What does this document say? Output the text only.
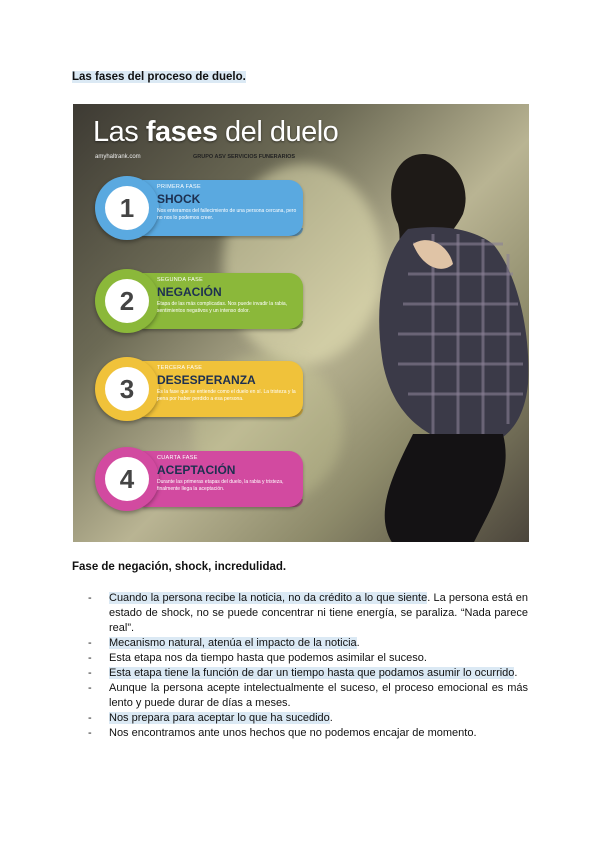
Las fases del proceso de duelo.
Las fases del duelo
amyhaltrank.com	GRUPO ASV SERVICIOS FUNERARIOS
1
PRIMERA FASE
SHOCK
Nos enteramos del fallecimiento de una persona cercana, pero no nos lo podemos creer.
2
SEGUNDA FASE
NEGACIÓN
Etapa de las más complicadas. Nos puede invadir la rabia, sentimientos negativos y un intenso dolor.
3
TERCERA FASE
DESESPERANZA
Es la fase que se entiende como el duelo en sí. La tristeza y la pena por haber perdido a esa persona.
4
CUARTA FASE
ACEPTACIÓN
Durante las primeras etapas del duelo, la rabia y tristeza, finalmente llega la aceptación.
Fase de negación, shock, incredulidad.
- Cuando la persona recibe la noticia, no da crédito a lo que siente. La persona está en estado de shock, no se puede concentrar ni tiene energía, se paraliza. “Nada parece real”.
- Mecanismo natural, atenúa el impacto de la noticia.
- Esta etapa nos da tiempo hasta que podemos asimilar el suceso.
- Esta etapa tiene la función de dar un tiempo hasta que podamos asumir lo ocurrido.
- Aunque la persona acepte intelectualmente el suceso, el proceso emocional es más lento y puede durar de días a meses.
- Nos prepara para aceptar lo que ha sucedido.
- Nos encontramos ante unos hechos que no podemos encajar de momento.
